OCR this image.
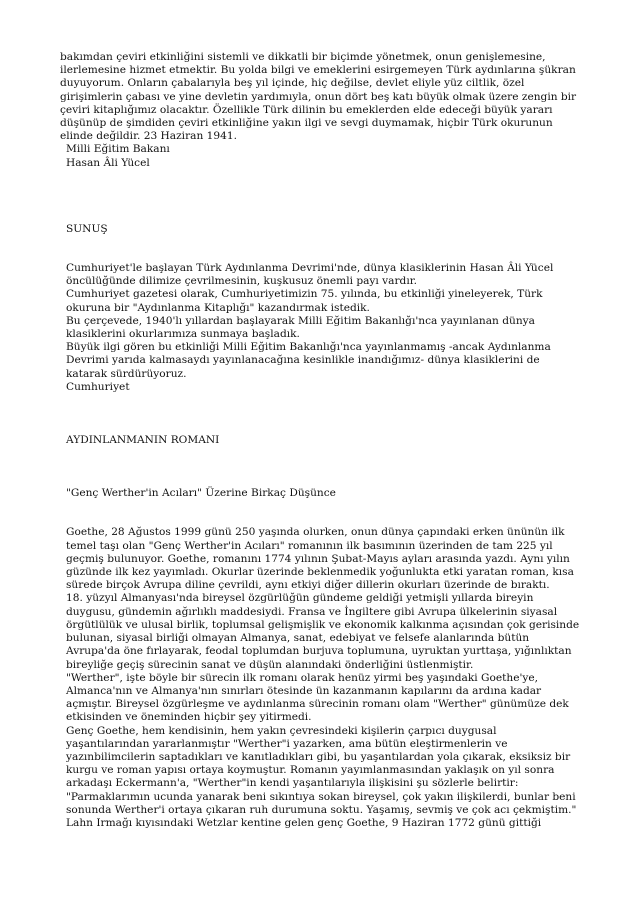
bakımdan çeviri etkinliğini sistemli ve dikkatli bir biçimde yönetmek, onun genişlemesine, ilerlemesine hizmet etmektir. Bu yolda bilgi ve emeklerini esirgemeyen Türk aydınlarına şükran duyuyorum. Onların çabalarıyla beş yıl içinde, hiç değilse, devlet eliyle yüz ciltlik, özel girişimlerin çabası ve yine devletin yardımıyla, onun dört beş katı büyük olmak üzere zengin bir çeviri kitaplığımız olacaktır. Özellikle Türk dilinin bu emeklerden elde edeceği büyük yararı düşünüp de şimdiden çeviri etkinliğine yakın ilgi ve sevgi duymamak, hiçbir Türk okurunun elinde değildir. 23 Haziran 1941.

Milli Eğitim Bakanı

Hasan Âli Yücel

SUNUŞ

Cumhuriyet'le başlayan Türk Aydınlanma Devrimi'nde, dünya klasiklerinin Hasan Âli Yücel öncülüğünde dilimize çevrilmesinin, kuşkusuz önemli payı vardır.

Cumhuriyet gazetesi olarak, Cumhuriyetimizin 75. yılında, bu etkinliği yineleyerek, Türk okuruna bir "Aydınlanma Kitaplığı" kazandırmak istedik.

Bu çerçevede, 1940'lı yıllardan başlayarak Milli Eğitim Bakanlığı'nca yayınlanan dünya klasiklerini okurlarımıza sunmaya başladık.

Büyük ilgi gören bu etkinliği Milli Eğitim Bakanlığı'nca yayınlanmamış -ancak Aydınlanma Devrimi yarıda kalmasaydı yayınlanacağına kesinlikle inandığımız- dünya klasiklerini de katarak sürdürüyoruz.

Cumhuriyet

AYDINLANMANIN ROMANI

"Genç Werther'in Acıları" Üzerine Birkaç Düşünce

Goethe, 28 Ağustos 1999 günü 250 yaşında olurken, onun dünya çapındaki erken ününün ilk temel taşı olan "Genç Werther'in Acıları" romanının ilk basımının üzerinden de tam 225 yıl geçmiş bulunuyor. Goethe, romanını 1774 yılının Şubat-Mayıs ayları arasında yazdı. Aynı yılın güzünde ilk kez yayımladı. Okurlar üzerinde beklenmedik yoğunlukta etki yaratan roman, kısa sürede birçok Avrupa diline çevrildi, aynı etkiyi diğer dillerin okurları üzerinde de bıraktı.

18. yüzyıl Almanyası'nda bireysel özgürlüğün gündeme geldiği yetmişli yıllarda bireyin duygusu, gündemin ağırlıklı maddesiydi. Fransa ve İngiltere gibi Avrupa ülkelerinin siyasal örgütlülük ve ulusal birlik, toplumsal gelişmişlik ve ekonomik kalkınma açısından çok gerisinde bulunan, siyasal birliği olmayan Almanya, sanat, edebiyat ve felsefe alanlarında bütün Avrupa'da öne fırlayarak, feodal toplumdan burjuva toplumuna, uyruktan yurttaşa, yığınlıktan bireyliğe geçiş sürecinin sanat ve düşün alanındaki önderliğini üstlenmiştir.

"Werther", işte böyle bir sürecin ilk romanı olarak henüz yirmi beş yaşındaki Goethe'ye, Almanca'nın ve Almanya'nın sınırları ötesinde ün kazanmanın kapılarını da ardına kadar açmıştır. Bireysel özgürleşme ve aydınlanma sürecinin romanı olam "Werther" günümüze dek etkisinden ve öneminden hiçbir şey yitirmedi.

Genç Goethe, hem kendisinin, hem yakın çevresindeki kişilerin çarpıcı duygusal yaşantılarından yararlanmıştır "Werther"i yazarken, ama bütün eleştirmenlerin ve yazınbilimcilerin saptadıkları ve kanıtladıkları gibi, bu yaşantılardan yola çıkarak, eksiksiz bir kurgu ve roman yapısı ortaya koymuştur. Romanın yayımlanmasından yaklaşık on yıl sonra arkadaşı Eckermann'a, "Werther"in kendi yaşantılarıyla ilişkisini şu sözlerle belirtir:

"Parmaklarımın ucunda yanarak beni sıkıntıya sokan bireysel, çok yakın ilişkilerdi, bunlar beni sonunda Werther'i ortaya çıkaran ruh durumuna soktu. Yaşamış, sevmiş ve çok acı çekmiştim."

Lahn Irmağı kıyısındaki Wetzlar kentine gelen genç Goethe, 9 Haziran 1772 günü gittiği
